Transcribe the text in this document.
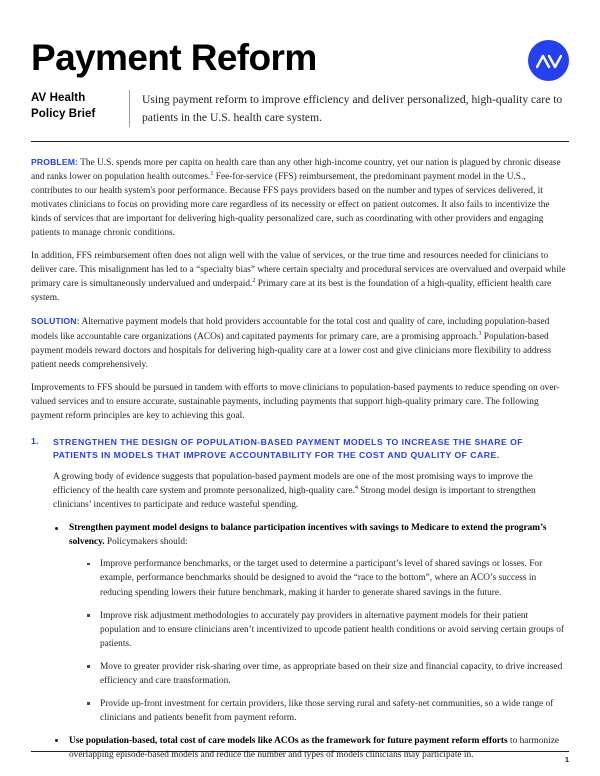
Payment Reform
AV Health
Policy Brief
Using payment reform to improve efficiency and deliver personalized, high-quality care to patients in the U.S. health care system.

PROBLEM: The U.S. spends more per capita on health care than any other high-income country, yet our nation is plagued by chronic disease and ranks lower on population health outcomes.$^1$ Fee-for-service (FFS) reimbursement, the predominant payment model in the U.S., contributes to our health system's poor performance. Because FFS pays providers based on the number and types of services delivered, it motivates clinicians to focus on providing more care regardless of its necessity or effect on patient outcomes. It also fails to incentivize the kinds of services that are important for delivering high-quality personalized care, such as coordinating with other providers and engaging patients to manage chronic conditions.

In addition, FFS reimbursement often does not align well with the value of services, or the true time and resources needed for clinicians to deliver care. This misalignment has led to a “specialty bias” where certain specialty and procedural services are overvalued and overpaid while primary care is simultaneously undervalued and underpaid.$^2$ Primary care at its best is the foundation of a high-quality, efficient health care system.

SOLUTION: Alternative payment models that hold providers accountable for the total cost and quality of care, including population-based models like accountable care organizations (ACOs) and capitated payments for primary care, are a promising approach.$^3$ Population-based payment models reward doctors and hospitals for delivering high-quality care at a lower cost and give clinicians more flexibility to address patient needs comprehensively.

Improvements to FFS should be pursued in tandem with efforts to move clinicians to population-based payments to reduce spending on over-valued services and to ensure accurate, sustainable payments, including payments that support high-quality primary care. The following payment reform principles are key to achieving this goal.

1.	STRENGTHEN THE DESIGN OF POPULATION-BASED PAYMENT MODELS TO INCREASE THE SHARE OF PATIENTS IN MODELS THAT IMPROVE ACCOUNTABILITY FOR THE COST AND QUALITY OF CARE.

A growing body of evidence suggests that population-based payment models are one of the most promising ways to improve the efficiency of the health care system and promote personalized, high-quality care.$^4$ Strong model design is important to strengthen clinicians’ incentives to participate and reduce wasteful spending.

Strengthen payment model designs to balance participation incentives with savings to Medicare to extend the program’s solvency. Policymakers should:
Improve performance benchmarks, or the target used to determine a participant’s level of shared savings or losses. For example, performance benchmarks should be designed to avoid the “race to the bottom”, where an ACO’s success in reducing spending lowers their future benchmark, making it harder to generate shared savings in the future.
Improve risk adjustment methodologies to accurately pay providers in alternative payment models for their patient population and to ensure clinicians aren’t incentivized to upcode patient health conditions or avoid serving certain groups of patients.
Move to greater provider risk-sharing over time, as appropriate based on their size and financial capacity, to drive increased efficiency and care transformation.
Provide up-front investment for certain providers, like those serving rural and safety-net communities, so a wide range of clinicians and patients benefit from payment reform.
Use population-based, total cost of care models like ACOs as the framework for future payment reform efforts to harmonize overlapping episode-based models and reduce the number and types of models clinicians may participate in.	1
